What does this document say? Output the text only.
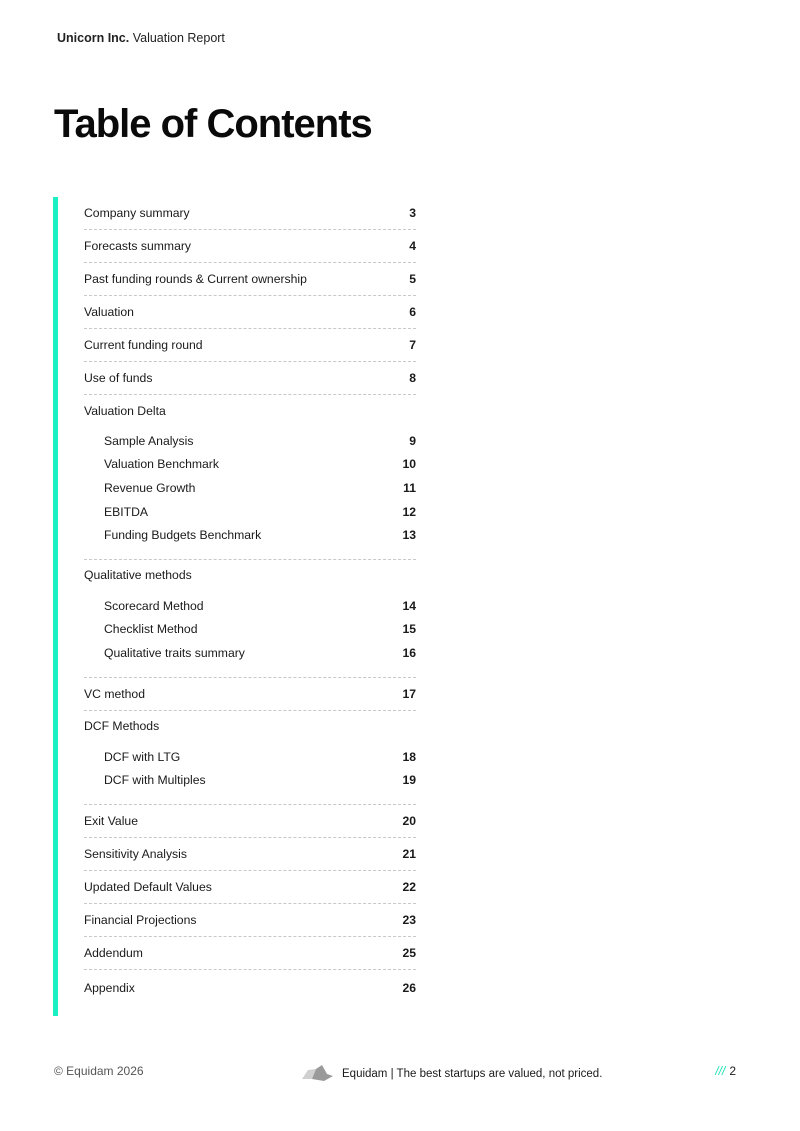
Unicorn Inc. Valuation Report
Table of Contents
Company summary	3
Forecasts summary	4
Past funding rounds & Current ownership	5
Valuation	6
Current funding round	7
Use of funds	8
Valuation Delta
Sample Analysis	9
Valuation Benchmark	10
Revenue Growth	11
EBITDA	12
Funding Budgets Benchmark	13
Qualitative methods
Scorecard Method	14
Checklist Method	15
Qualitative traits summary	16
VC method	17
DCF Methods
DCF with LTG	18
DCF with Multiples	19
Exit Value	20
Sensitivity Analysis	21
Updated Default Values	22
Financial Projections	23
Addendum	25
Appendix	26
© Equidam 2026	Equidam | The best startups are valued, not priced.	/// 2
